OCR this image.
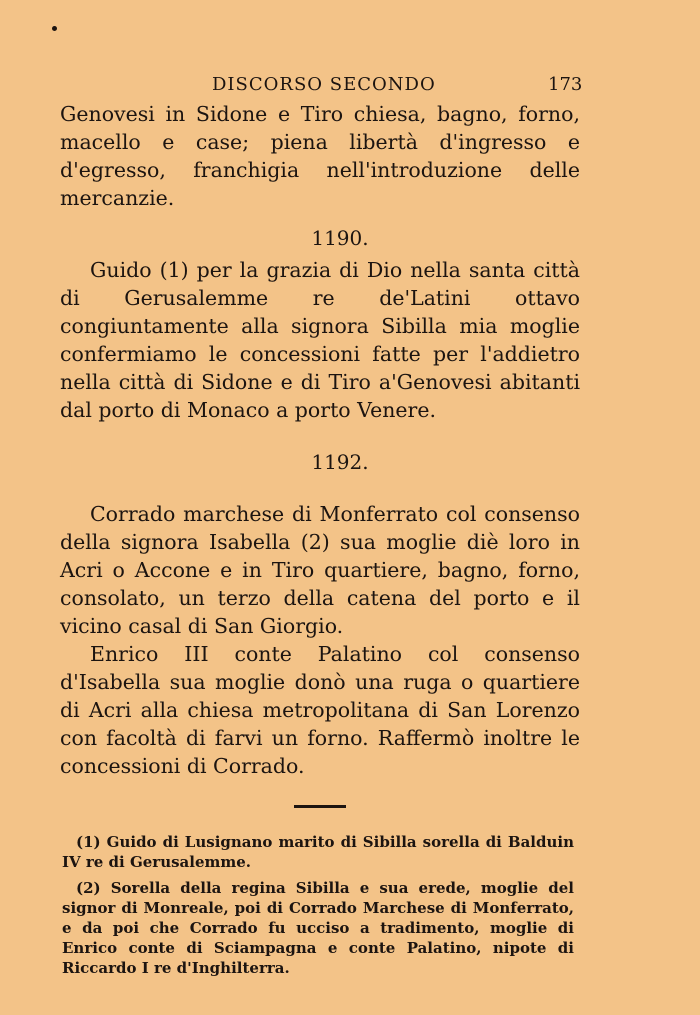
DISCORSO SECONDO	173

Genovesi in Sidone e Tiro chiesa, bagno, forno, macello e case; piena libertà d'ingresso e d'egresso, franchigia nell'introduzione delle mercanzie.

1190.

Guido (1) per la grazia di Dio nella santa città di Gerusalemme re de'Latini ottavo congiuntamente alla signora Sibilla mia moglie confermiamo le concessioni fatte per l'addietro nella città di Sidone e di Tiro a'Genovesi abitanti dal porto di Monaco a porto Venere.

1192.

Corrado marchese di Monferrato col consenso della signora Isabella (2) sua moglie diè loro in Acri o Accone e in Tiro quartiere, bagno, forno, consolato, un terzo della catena del porto e il vicino casal di San Giorgio.

Enrico III conte Palatino col consenso d'Isabella sua moglie donò una ruga o quartiere di Acri alla chiesa metropolitana di San Lorenzo con facoltà di farvi un forno. Raffermò inoltre le concessioni di Corrado.

(1) Guido di Lusignano marito di Sibilla sorella di Balduin IV re di Gerusalemme.

(2) Sorella della regina Sibilla e sua erede, moglie del signor di Monreale, poi di Corrado Marchese di Monferrato, e da poi che Corrado fu ucciso a tradimento, moglie di Enrico conte di Sciampagna e conte Palatino, nipote di Riccardo I re d'Inghilterra.
